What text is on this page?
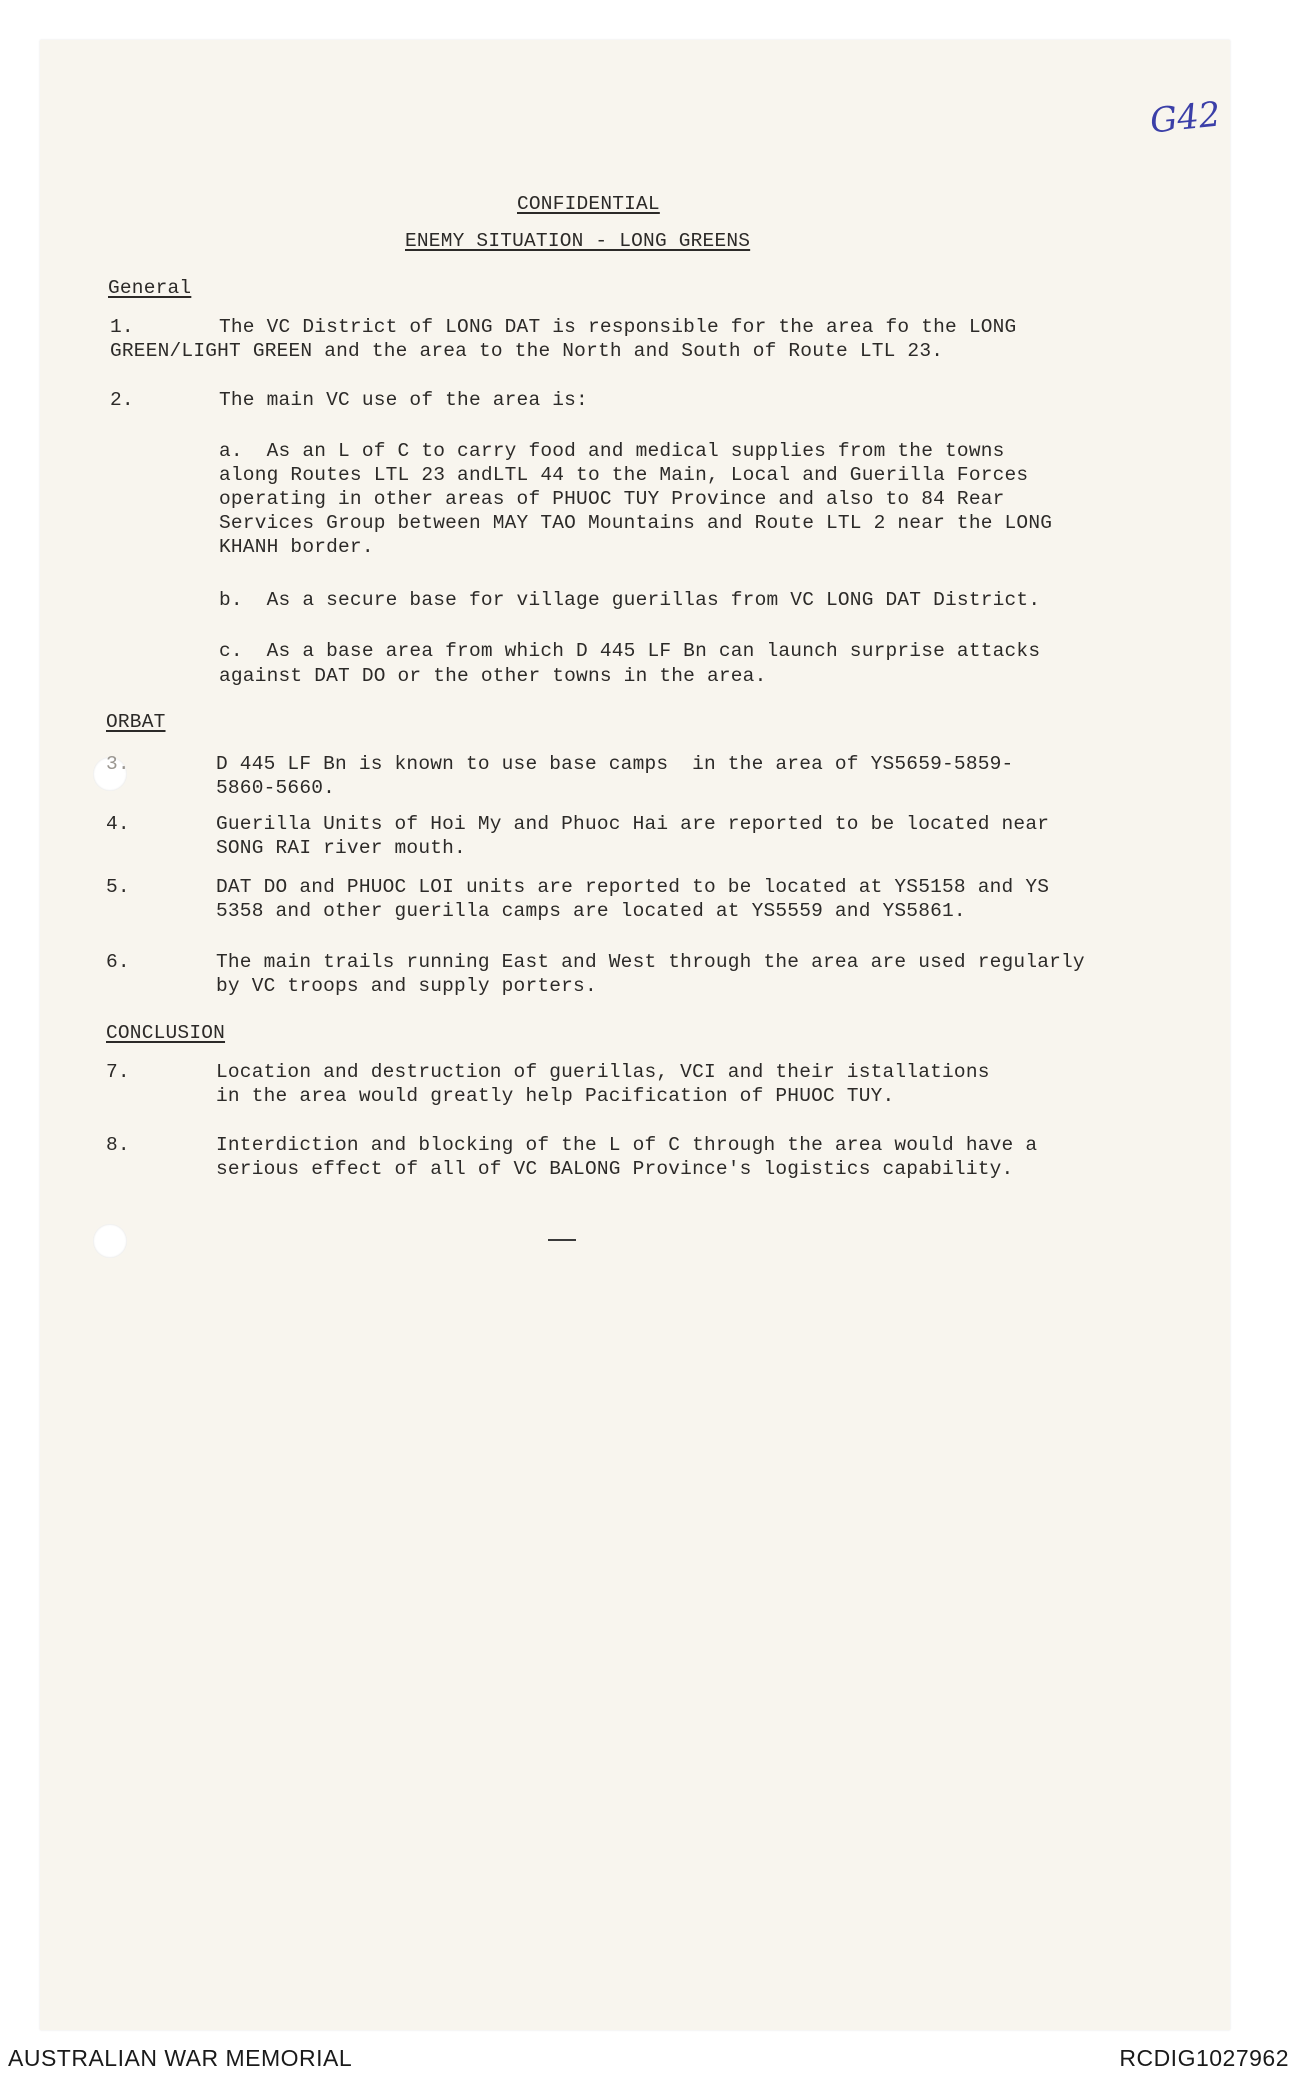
G42
CONFIDENTIAL
ENEMY SITUATION - LONG GREENS
General
1.	The VC District of LONG DAT is responsible for the area fo the LONG
GREEN/LIGHT GREEN and the area to the North and South of Route LTL 23.
2.	The main VC use of the area is:
a.  As an L of C to carry food and medical supplies from the towns
along Routes LTL 23 andLTL 44 to the Main, Local and Guerilla Forces
operating in other areas of PHUOC TUY Province and also to 84 Rear
Services Group between MAY TAO Mountains and Route LTL 2 near the LONG
KHANH border.
b.  As a secure base for village guerillas from VC LONG DAT District.
c.  As a base area from which D 445 LF Bn can launch surprise attacks
against DAT DO or the other towns in the area.
ORBAT
3.	D 445 LF Bn is known to use base camps  in the area of YS5659-5859-
5860-5660.
4.	Guerilla Units of Hoi My and Phuoc Hai are reported to be located near
SONG RAI river mouth.
5.	DAT DO and PHUOC LOI units are reported to be located at YS5158 and YS
5358 and other guerilla camps are located at YS5559 and YS5861.
6.	The main trails running East and West through the area are used regularly
by VC troops and supply porters.
CONCLUSION
7.	Location and destruction of guerillas, VCI and their istallations
in the area would greatly help Pacification of PHUOC TUY.
8.	Interdiction and blocking of the L of C through the area would have a
serious effect of all of VC BALONG Province's logistics capability.
AUSTRALIAN WAR MEMORIAL	RCDIG1027962
